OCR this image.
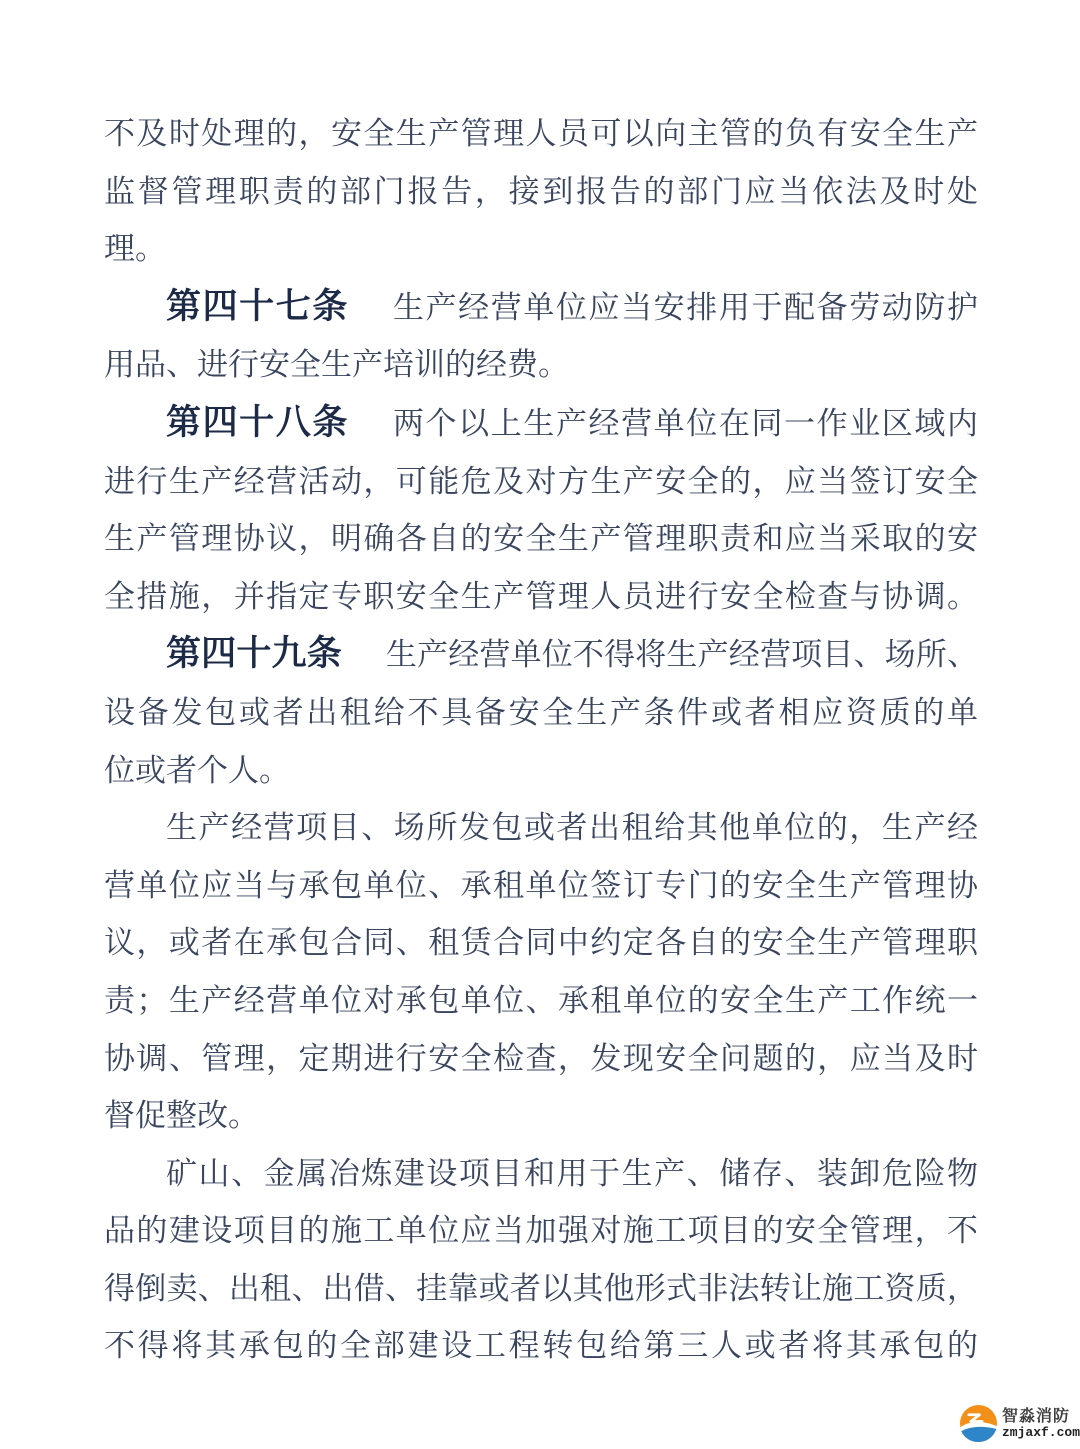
不及时处理的，安全生产管理人员可以向主管的负有安全生产
监督管理职责的部门报告，接到报告的部门应当依法及时处
理。
第四十七条 生产经营单位应当安排用于配备劳动防护
用品、进行安全生产培训的经费。
第四十八条 两个以上生产经营单位在同一作业区域内
进行生产经营活动，可能危及对方生产安全的，应当签订安全
生产管理协议，明确各自的安全生产管理职责和应当采取的安
全措施，并指定专职安全生产管理人员进行安全检查与协调。
第四十九条 生产经营单位不得将生产经营项目、场所、
设备发包或者出租给不具备安全生产条件或者相应资质的单
位或者个人。
生产经营项目、场所发包或者出租给其他单位的，生产经
营单位应当与承包单位、承租单位签订专门的安全生产管理协
议，或者在承包合同、租赁合同中约定各自的安全生产管理职
责；生产经营单位对承包单位、承租单位的安全生产工作统一
协调、管理，定期进行安全检查，发现安全问题的，应当及时
督促整改。
矿山、金属冶炼建设项目和用于生产、储存、装卸危险物
品的建设项目的施工单位应当加强对施工项目的安全管理，不
得倒卖、出租、出借、挂靠或者以其他形式非法转让施工资质，
不得将其承包的全部建设工程转包给第三人或者将其承包的
智淼消防
zmjaxf.com
